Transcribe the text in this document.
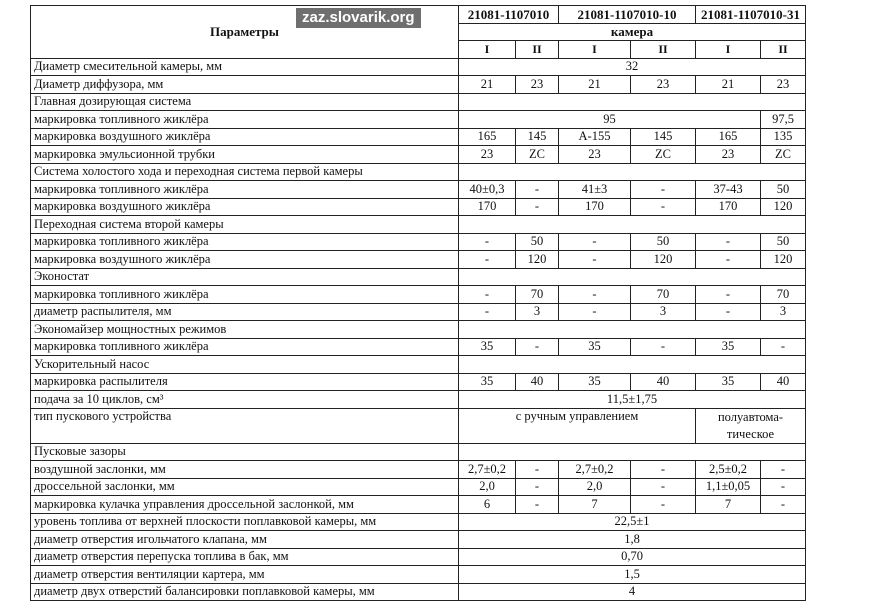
Параметры	21081-1107010		21081-1107010-10		21081-1107010-31	
	камера					
	I	II	I	II	I	II
Диаметр смесительной камеры, мм	32					
Диаметр диффузора, мм	21	23	21	23	21	23
Главная дозирующая система						
маркировка топливного жиклёра	95					97,5
маркировка воздушного жиклёра	165	145	А-155	145	165	135
маркировка эмульсионной трубки	23	ZC	23	ZC	23	ZC
Система холостого хода и переходная система первой камеры						
маркировка топливного жиклёра	40±0,3	-	41±3	-	37-43	50
маркировка воздушного жиклёра	170	-	170	-	170	120
Переходная система второй камеры						
маркировка топливного жиклёра	-	50	-	50	-	50
маркировка воздушного жиклёра	-	120	-	120	-	120
Эконостат						
маркировка топливного жиклёра	-	70	-	70	-	70
диаметр распылителя, мм	-	3	-	3	-	3
Экономайзер мощностных режимов						
маркировка топливного жиклёра	35	-	35	-	35	-
Ускорительный насос						
маркировка распылителя	35	40	35	40	35	40
подача за 10 циклов, см³	11,5±1,75					
тип пускового устройства	с ручным управлением				полуавтома-
тическое	

Пусковые зазоры						
воздушной заслонки, мм	2,7±0,2	-	2,7±0,2	-	2,5±0,2	-
дроссельной заслонки, мм	2,0	-	2,0	-	1,1±0,05	-
маркировка кулачка управления дроссельной заслонкой, мм	6	-	7	-	7	-
уровень топлива от верхней плоскости поплавковой камеры, мм	22,5±1					
диаметр отверстия игольчатого клапана, мм	1,8					
диаметр отверстия перепуска топлива в бак, мм	0,70					
диаметр отверстия вентиляции картера, мм	1,5					
диаметр двух отверстий балансировки поплавковой камеры, мм	4					
zaz.slovarik.org
